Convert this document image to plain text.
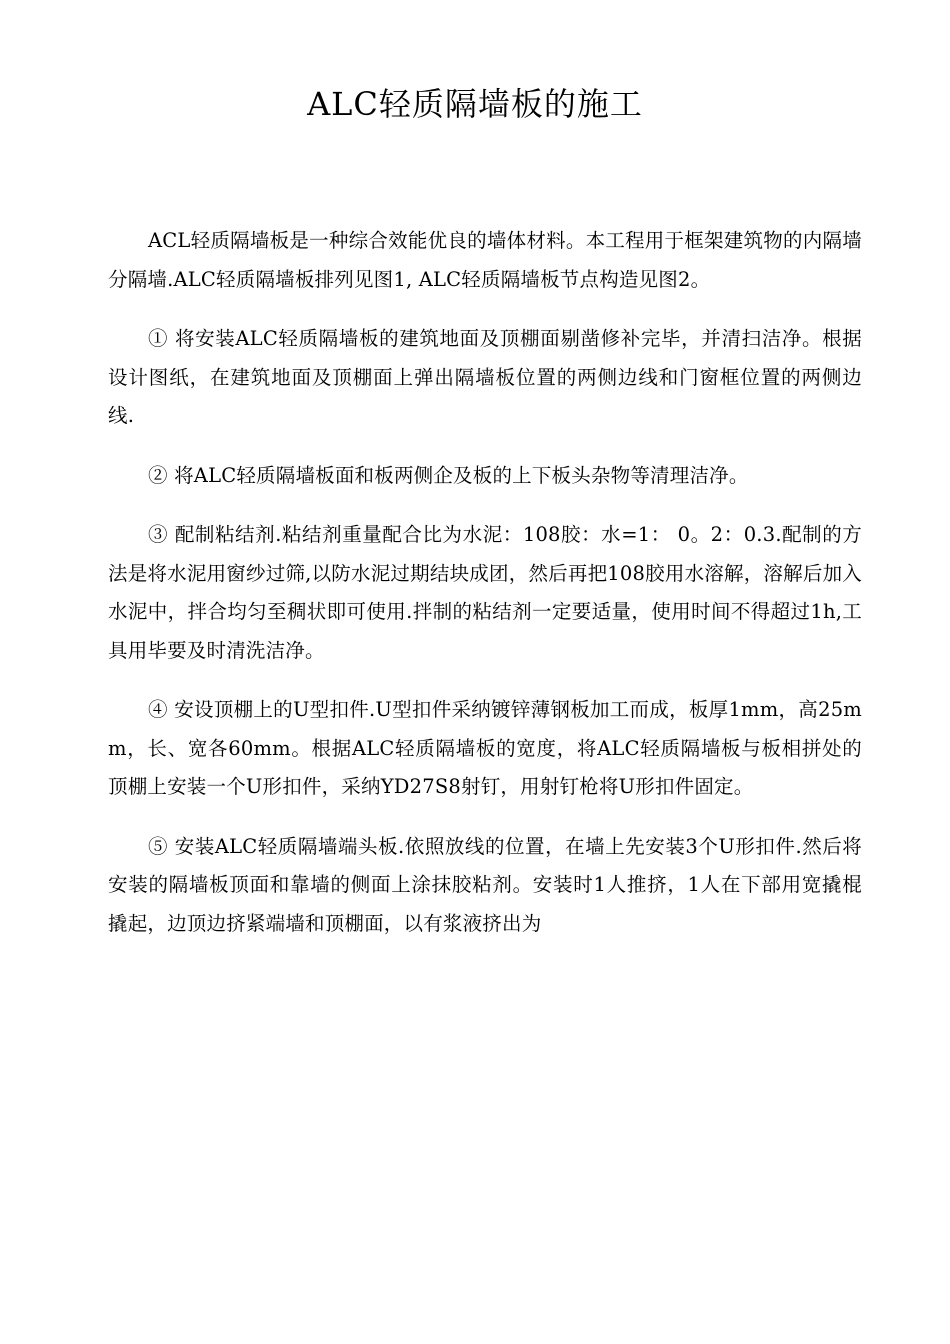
ALC轻质隔墙板的施工

ACL轻质隔墙板是一种综合效能优良的墙体材料。本工程用于框架建筑物的内隔墙分隔墙.ALC轻质隔墙板排列见图1, ALC轻质隔墙板节点构造见图2。

① 将安装ALC轻质隔墙板的建筑地面及顶棚面剔凿修补完毕，并清扫洁净。根据设计图纸，在建筑地面及顶棚面上弹出隔墙板位置的两侧边线和门窗框位置的两侧边线.

② 将ALC轻质隔墙板面和板两侧企及板的上下板头杂物等清理洁净。

③ 配制粘结剂.粘结剂重量配合比为水泥：108胶：水=1： 0。2：0.3.配制的方法是将水泥用窗纱过筛,以防水泥过期结块成团，然后再把108胶用水溶解，溶解后加入水泥中，拌合均匀至稠状即可使用.拌制的粘结剂一定要适量，使用时间不得超过1h,工具用毕要及时清洗洁净。

④ 安设顶棚上的U型扣件.U型扣件采纳镀锌薄钢板加工而成，板厚1mm，高25mm，长、宽各60mm。根据ALC轻质隔墙板的宽度，将ALC轻质隔墙板与板相拼处的顶棚上安装一个U形扣件，采纳YD27S8射钉，用射钉枪将U形扣件固定。

⑤ 安装ALC轻质隔墙端头板.依照放线的位置，在墙上先安装3个U形扣件.然后将安装的隔墙板顶面和靠墙的侧面上涂抹胶粘剂。安装时1人推挤，1人在下部用宽撬棍撬起，边顶边挤紧端墙和顶棚面，以有浆液挤出为
